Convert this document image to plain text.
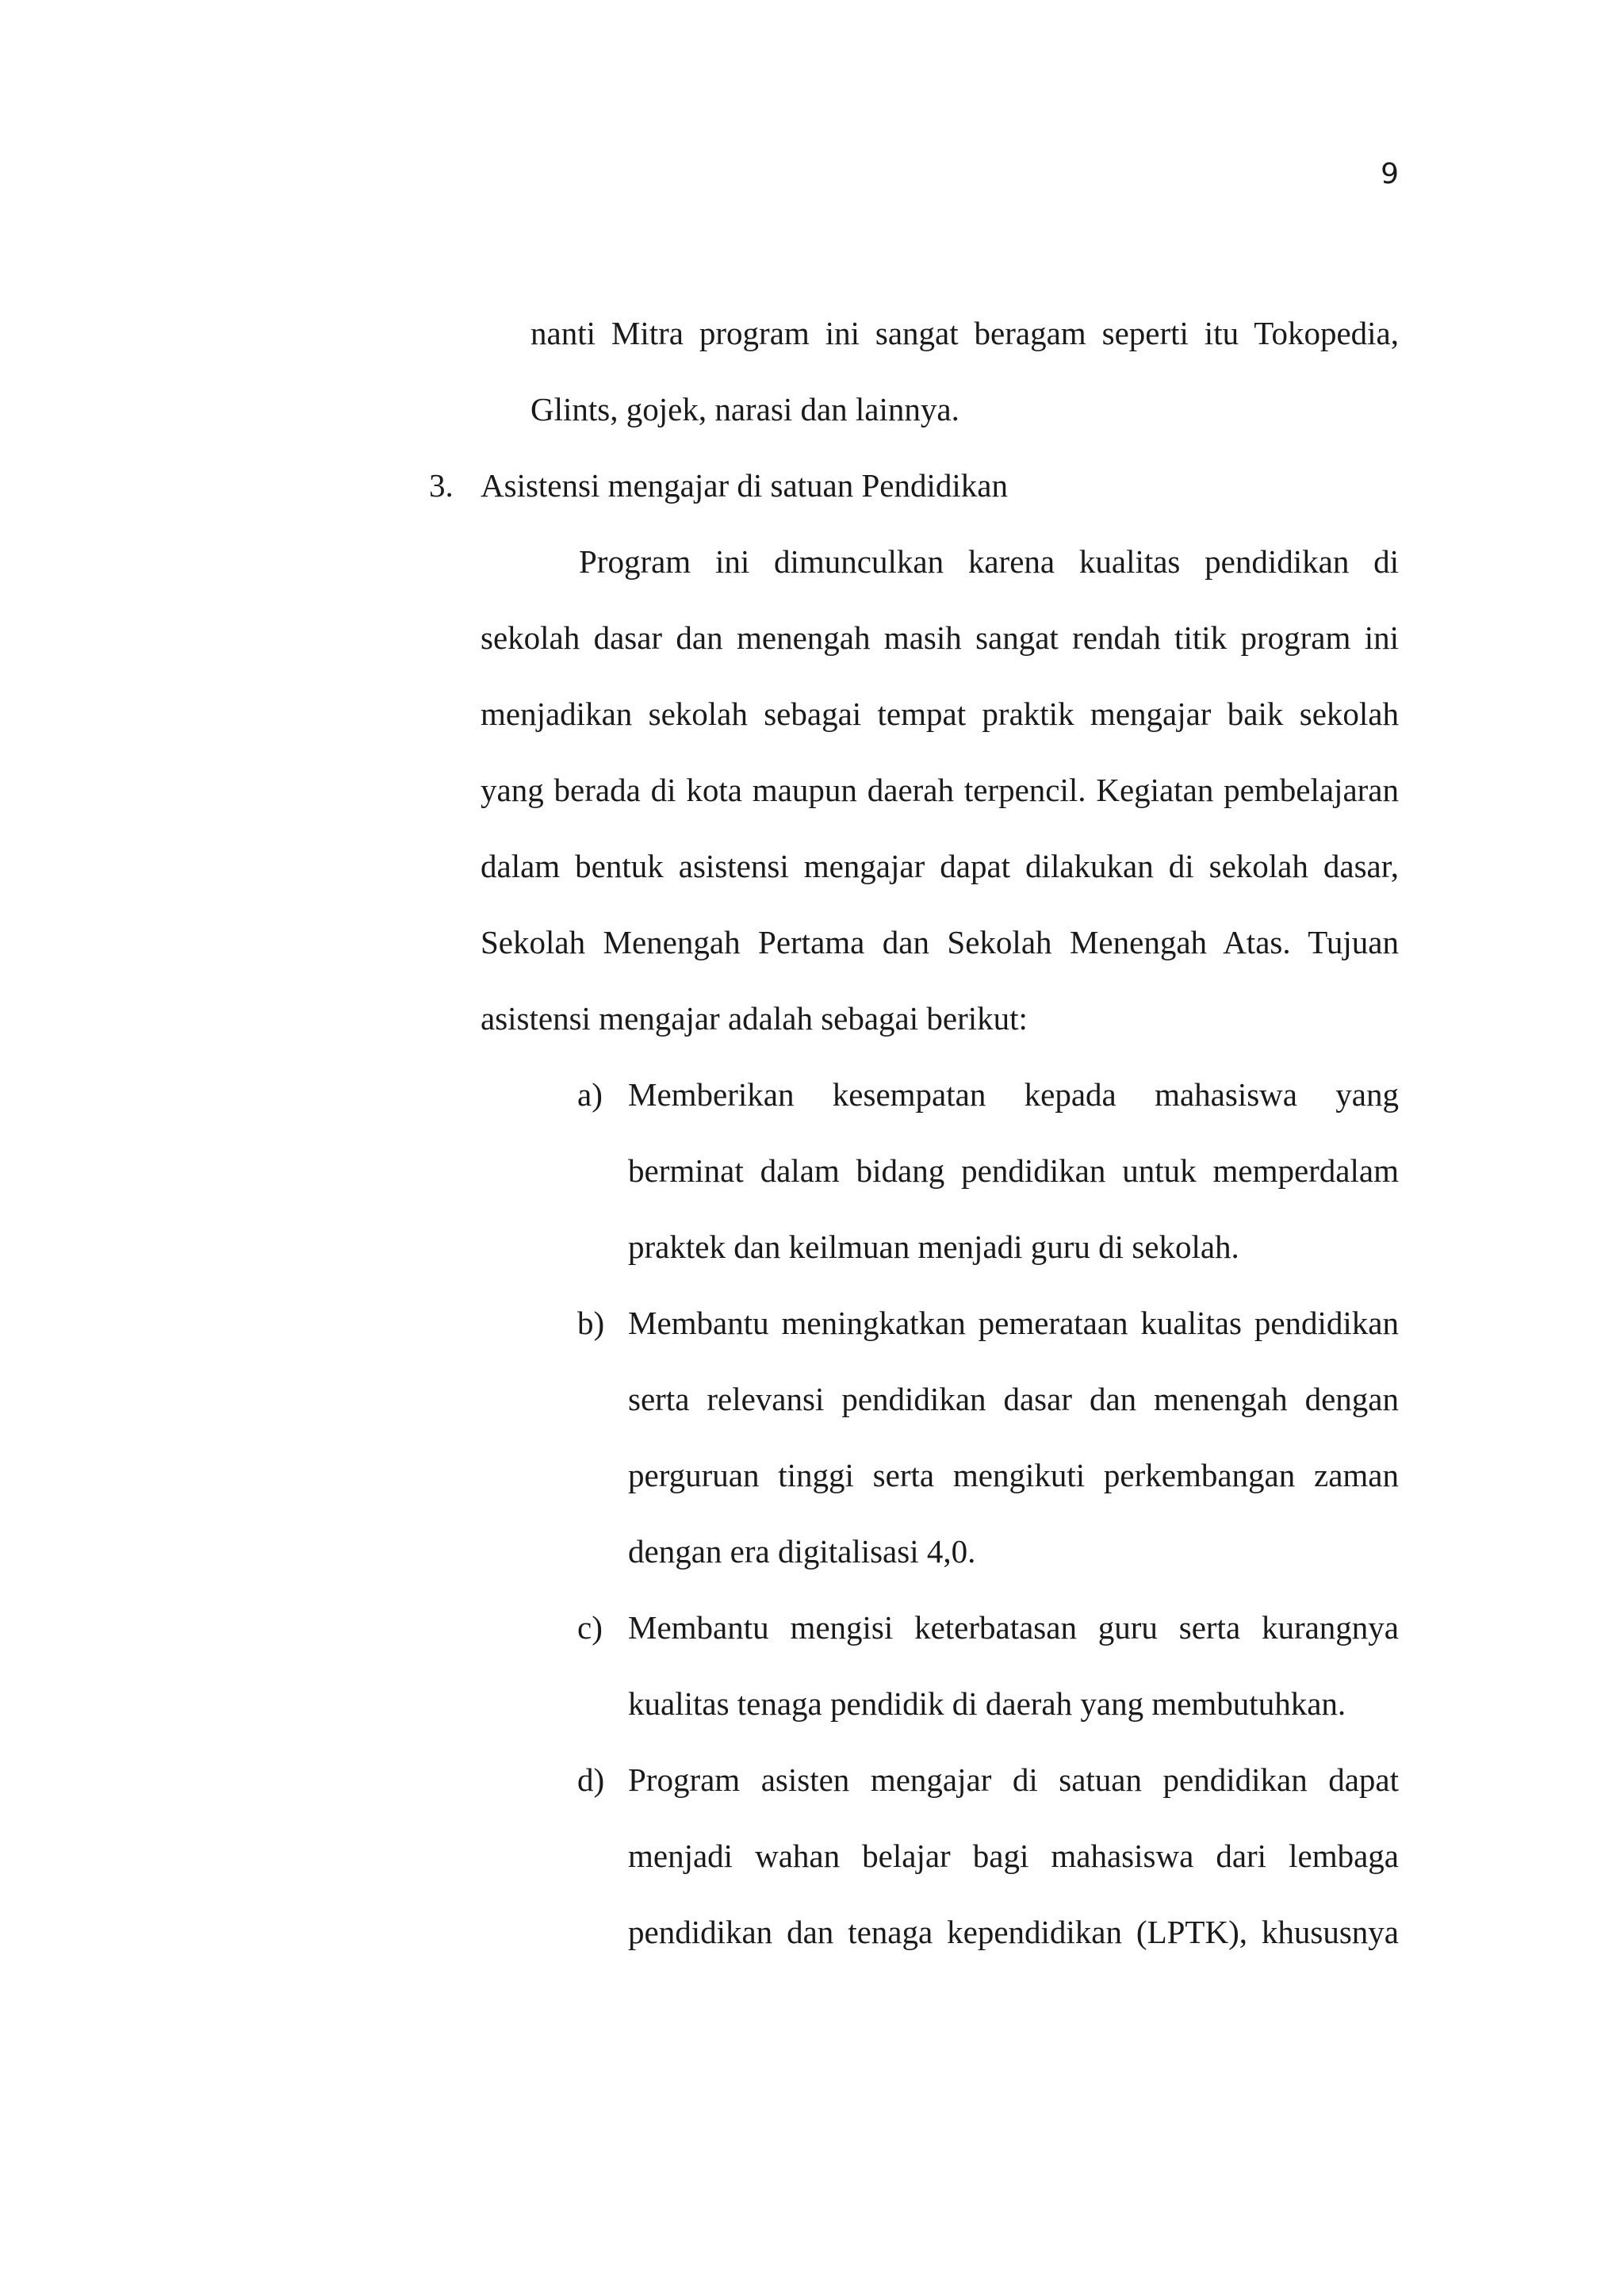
9
nanti Mitra program ini sangat beragam seperti itu Tokopedia,
Glints, gojek, narasi dan lainnya.
3. Asistensi mengajar di satuan Pendidikan
Program ini dimunculkan karena kualitas pendidikan di
sekolah dasar dan menengah masih sangat rendah titik program ini
menjadikan sekolah sebagai tempat praktik mengajar baik sekolah
yang berada di kota maupun daerah terpencil. Kegiatan pembelajaran
dalam bentuk asistensi mengajar dapat dilakukan di sekolah dasar,
Sekolah Menengah Pertama dan Sekolah Menengah Atas. Tujuan
asistensi mengajar adalah sebagai berikut:
a) Memberikan kesempatan kepada mahasiswa yang
berminat dalam bidang pendidikan untuk memperdalam
praktek dan keilmuan menjadi guru di sekolah.
b) Membantu meningkatkan pemerataan kualitas pendidikan
serta relevansi pendidikan dasar dan menengah dengan
perguruan tinggi serta mengikuti perkembangan zaman
dengan era digitalisasi 4,0.
c) Membantu mengisi keterbatasan guru serta kurangnya
kualitas tenaga pendidik di daerah yang membutuhkan.
d) Program asisten mengajar di satuan pendidikan dapat
menjadi wahan belajar bagi mahasiswa dari lembaga
pendidikan dan tenaga kependidikan (LPTK), khususnya
